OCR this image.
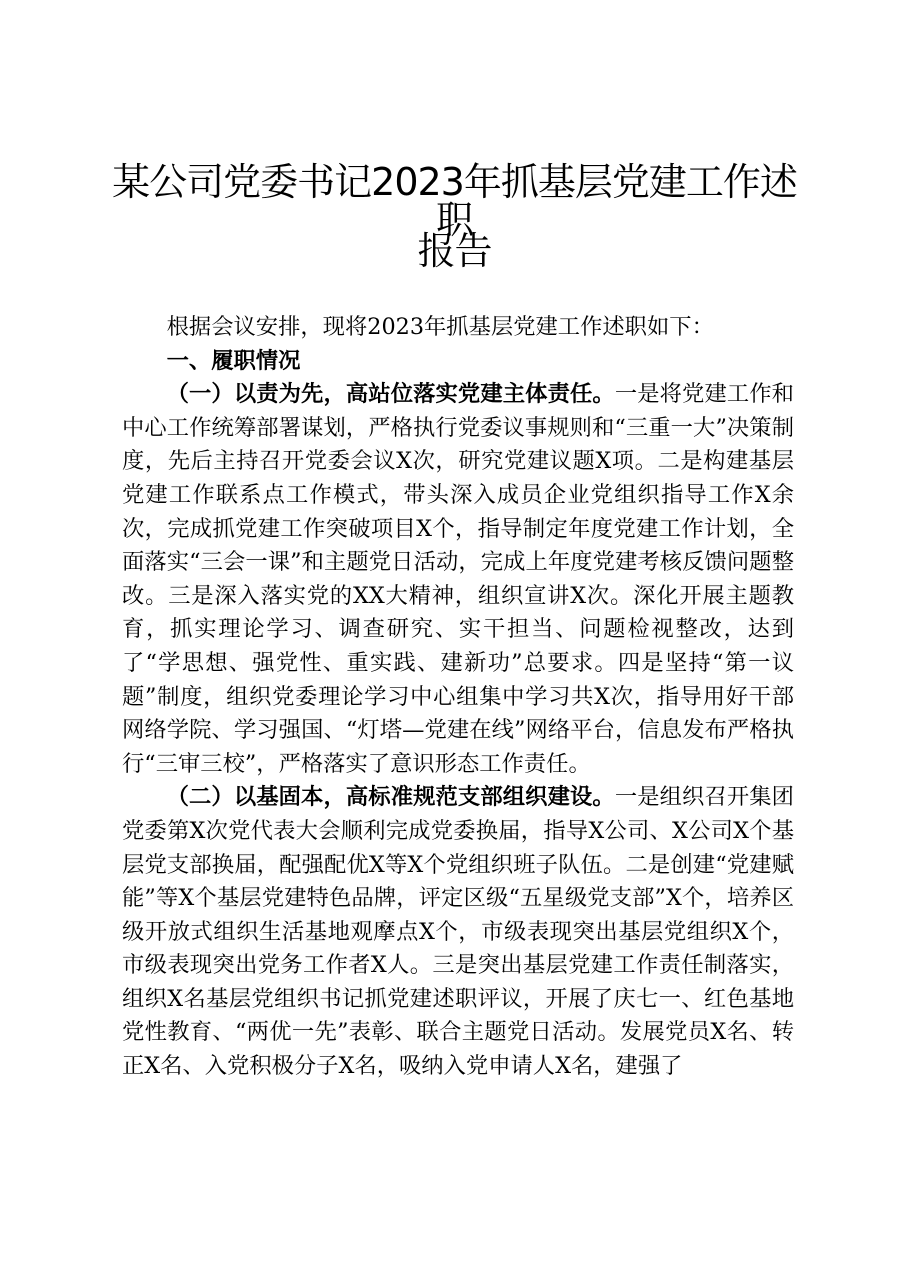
某公司党委书记2023年抓基层党建工作述职
报告

根据会议安排，现将2023年抓基层党建工作述职如下：

一、履职情况

（一）以责为先，高站位落实党建主体责任。一是将党建工作和中心工作统筹部署谋划，严格执行党委议事规则和“三重一大”决策制度，先后主持召开党委会议X次，研究党建议题X项。二是构建基层党建工作联系点工作模式，带头深入成员企业党组织指导工作X余次，完成抓党建工作突破项目X个，指导制定年度党建工作计划，全面落实“三会一课”和主题党日活动，完成上年度党建考核反馈问题整改。三是深入落实党的XX大精神，组织宣讲X次。深化开展主题教育，抓实理论学习、调查研究、实干担当、问题检视整改，达到了“学思想、强党性、重实践、建新功”总要求。四是坚持“第一议题”制度，组织党委理论学习中心组集中学习共X次，指导用好干部网络学院、学习强国、“灯塔—党建在线”网络平台，信息发布严格执行“三审三校”，严格落实了意识形态工作责任。

（二）以基固本，高标准规范支部组织建设。一是组织召开集团党委第X次党代表大会顺利完成党委换届，指导X公司、X公司X个基层党支部换届，配强配优X等X个党组织班子队伍。二是创建“党建赋能”等X个基层党建特色品牌，评定区级“五星级党支部”X个，培养区级开放式组织生活基地观摩点X个，市级表现突出基层党组织X个，市级表现突出党务工作者X人。三是突出基层党建工作责任制落实，组织X名基层党组织书记抓党建述职评议，开展了庆七一、红色基地党性教育、“两优一先”表彰、联合主题党日活动。发展党员X名、转正X名、入党积极分子X名，吸纳入党申请人X名，建强了
